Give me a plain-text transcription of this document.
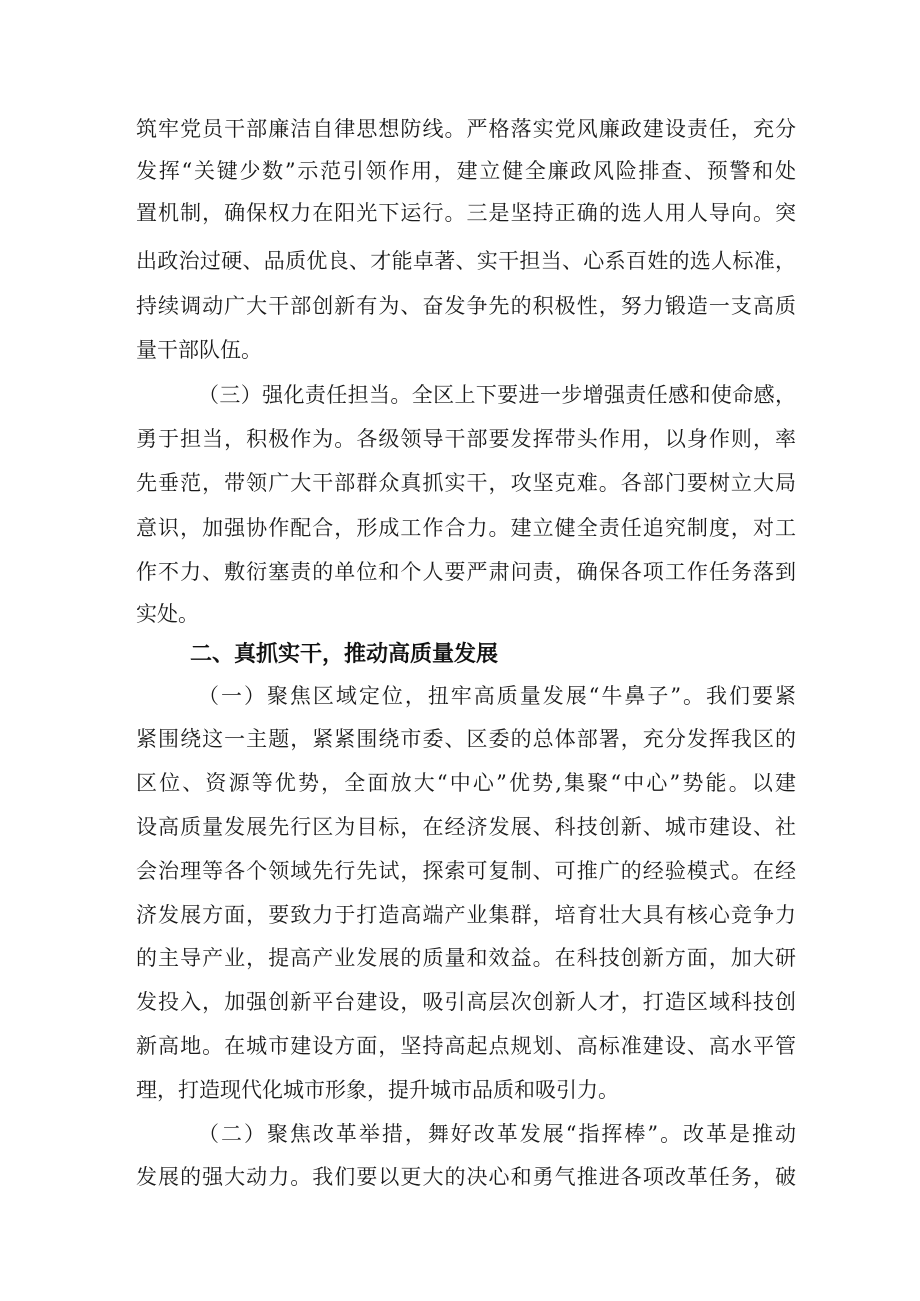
筑牢党员干部廉洁自律思想防线。严格落实党风廉政建设责任，充分
发挥“关键少数”示范引领作用，建立健全廉政风险排查、预警和处
置机制，确保权力在阳光下运行。三是坚持正确的选人用人导向。突
出政治过硬、品质优良、才能卓著、实干担当、心系百姓的选人标准，
持续调动广大干部创新有为、奋发争先的积极性，努力锻造一支高质
量干部队伍。
（三）强化责任担当。全区上下要进一步增强责任感和使命感，
勇于担当，积极作为。各级领导干部要发挥带头作用，以身作则，率
先垂范，带领广大干部群众真抓实干，攻坚克难。各部门要树立大局
意识，加强协作配合，形成工作合力。建立健全责任追究制度，对工
作不力、敷衍塞责的单位和个人要严肃问责，确保各项工作任务落到
实处。
二、真抓实干，推动高质量发展
（一）聚焦区域定位，扭牢高质量发展“牛鼻子”。我们要紧
紧围绕这一主题，紧紧围绕市委、区委的总体部署，充分发挥我区的
区位、资源等优势，全面放大“中心”优势,集聚“中心”势能。以建
设高质量发展先行区为目标，在经济发展、科技创新、城市建设、社
会治理等各个领域先行先试，探索可复制、可推广的经验模式。在经
济发展方面，要致力于打造高端产业集群，培育壮大具有核心竞争力
的主导产业，提高产业发展的质量和效益。在科技创新方面，加大研
发投入，加强创新平台建设，吸引高层次创新人才，打造区域科技创
新高地。在城市建设方面，坚持高起点规划、高标准建设、高水平管
理，打造现代化城市形象，提升城市品质和吸引力。
（二）聚焦改革举措，舞好改革发展“指挥棒”。改革是推动
发展的强大动力。我们要以更大的决心和勇气推进各项改革任务，破
